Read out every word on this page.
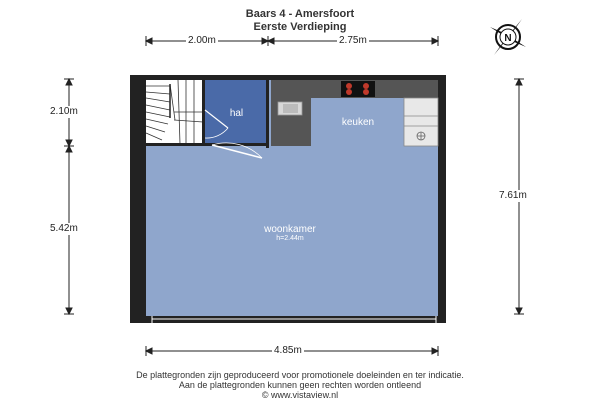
Baars 4 - Amersfoort
Eerste Verdieping
N
2.00m	2.75m
2.10m
5.42m
7.61m
4.85m
hal
keuken
woonkamer
h=2.44m
De plattegronden zijn geproduceerd voor promotionele doeleinden en ter indicatie.
Aan de plattegronden kunnen geen rechten worden ontleend
© www.vistaview.nl
